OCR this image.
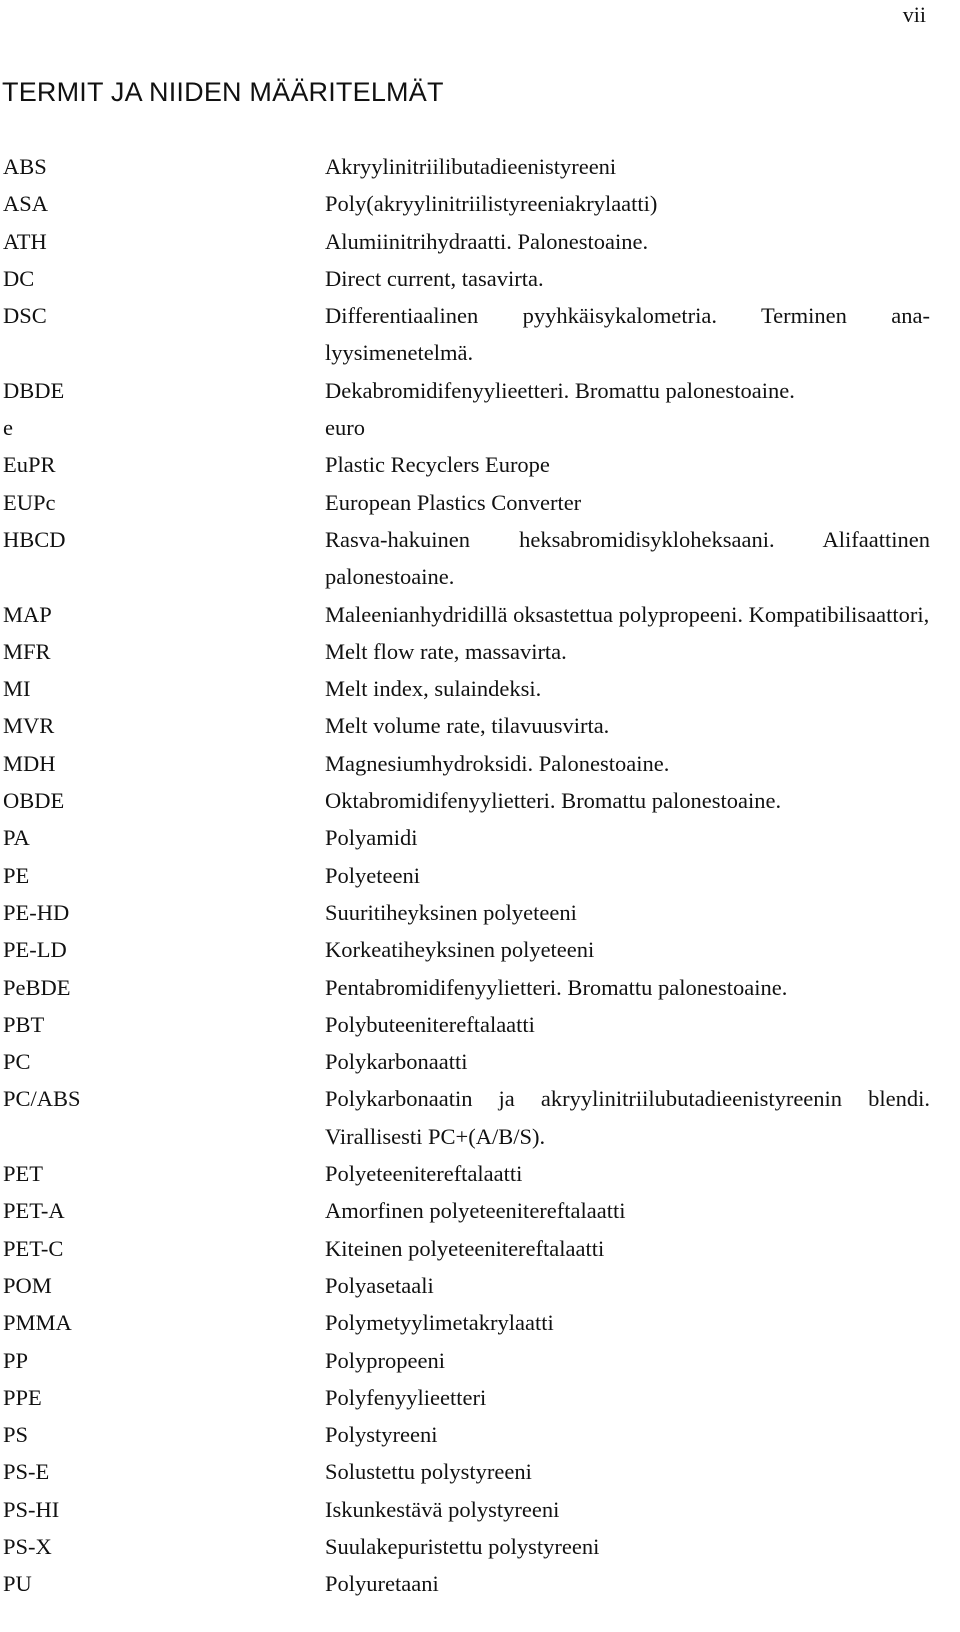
vii
TERMIT JA NIIDEN MÄÄRITELMÄT
ABS	Akryylinitriilibutadieenistyreeni
ASA	Poly(akryylinitriilistyreeniakrylaatti)
ATH	Alumiinitrihydraatti. Palonestoaine.
DC	Direct current, tasavirta.
DSC	Differentiaalinen pyyhkäisykalometria. Terminen analyysimenetelmä.
DBDE	Dekabromidifenyylieetteri. Bromattu palonestoaine.
e	euro
EuPR	Plastic Recyclers Europe
EUPc	European Plastics Converter
HBCD	Rasva-hakuinen heksabromidisykloheksaani. Alifaattinen palonestoaine.
MAP	Maleenianhydridillä oksastettua polypropeeni. Kompatibilisaattori,
MFR	Melt flow rate, massavirta.
MI	Melt index, sulaindeksi.
MVR	Melt volume rate, tilavuusvirta.
MDH	Magnesiumhydroksidi. Palonestoaine.
OBDE	Oktabromidifenyylietteri. Bromattu palonestoaine.
PA	Polyamidi
PE	Polyeteeni
PE-HD	Suuritiheyksinen polyeteeni
PE-LD	Korkeatiheyksinen polyeteeni
PeBDE	Pentabromidifenyylietteri. Bromattu palonestoaine.
PBT	Polybuteenitereftalaatti
PC	Polykarbonaatti
PC/ABS	Polykarbonaatin ja akryylinitriilubutadieenistyreenin blendi. Virallisesti PC+(A/B/S).
PET	Polyeteenitereftalaatti
PET-A	Amorfinen polyeteenitereftalaatti
PET-C	Kiteinen polyeteenitereftalaatti
POM	Polyasetaali
PMMA	Polymetyylimetakrylaatti
PP	Polypropeeni
PPE	Polyfenyylieetteri
PS	Polystyreeni
PS-E	Solustettu polystyreeni
PS-HI	Iskunkestävä polystyreeni
PS-X	Suulakepuristettu polystyreeni
PU	Polyuretaani
